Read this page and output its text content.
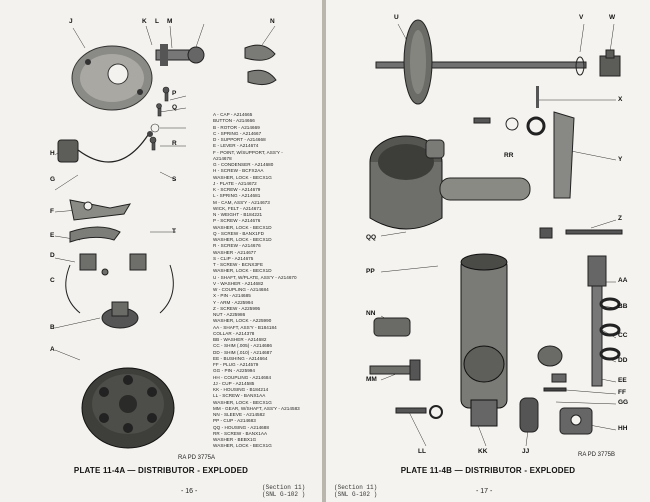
J	K L M	N
A
B
C
D
E
F
G
H
P
Q
R
S
T
A - CAP - A214665
BUTTON - A214666
B - ROTOR - A214669
C - SPRING - A214667
D - SUPPORT - A214668
E - LEVER - A214674
F - POINT, W/SUPPORT, ASS'Y -
A214678
G - CONDENSER - A214680
H - SCREW - BCFX2AA
WASHER, LOCK - BECX1G
J - PLATE - A214672
K - SCREW - A214679
L - SPRING - A214681
M - CAM, ASS'Y - A214673
WICK, FELT - A214671
N - WEIGHT - B184221
P - SCREW - A214676
WASHER, LOCK - BECX1D
Q - SCREW - BANX1FD
WASHER, LOCK - BECX1D
R - SCREW - A214676
WASHER - A214677
S - CLIP - A214675
T - SCREW - BCNX3FE
WASHER, LOCK - BECX1D
U - SHAFT, W/PLATE, ASS'Y - A214670
V - WASHER - A214682
W - COUPLING - A214684
X - PIN - A214685
Y - ARM - A225994
Z - SCREW - A225995
NUT - A225986
WASHER, LOCK - A225990
AA - SHAFT, ASS'Y - B184184
COLLAR - A214378
BB - WASHER - A214682
CC - SHIM (.005) - A214686
DD - SHIM (.010) - A214687
EE - BUSHING - A214664
FF - PLUG - A214579
GG - PIN - A225994
HH - COUPLING - A214684
JJ - CUP - A214585
KK - HOUSING - B184214
LL - SCREW - BANX1AA
WASHER, LOCK - BECX1G
MM - GEAR, W/SHAFT, ASS'Y - A214583
NN - SLEEVE - A214582
PP - CUP - A214683
QQ - HOUSING - A214688
RR - SCREW - BANX1AA
WASHER - BEBX1G
WASHER, LOCK - BECX1G
RA PD 3775A
PLATE 11-4A — DISTRIBUTOR - EXPLODED
- 16 -
(Section 11)
(SNL G-102 )
U	V	W
X
RR
Y
Z
QQ
PP
AA
BB
CC
DD
NN
MM	EE
FF
GG
HH
LL	KK	JJ	RA PD 3775B
PLATE 11-4B — DISTRIBUTOR - EXPLODED
- 17 -
(Section 11)
(SNL G-102 )
